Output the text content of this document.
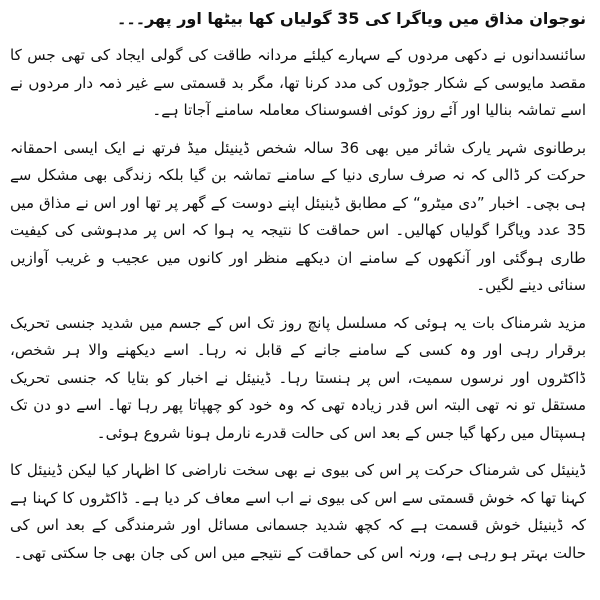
نوجوان مذاق میں ویاگرا کی 35 گولیاں کھا بیٹھا اور پھر۔۔۔

سائنسدانوں نے دکھی مردوں کے سہارے کیلئے مردانہ طاقت کی گولی ایجاد کی تھی جس کا مقصد مایوسی کے شکار جوڑوں کی مدد کرنا تھا، مگر بد قسمتی سے غیر ذمہ دار مردوں نے اسے تماشہ بنالیا اور آئے روز کوئی افسوسناک معاملہ سامنے آجاتا ہے۔

برطانوی شہر یارک شائر میں بھی 36 سالہ شخص ڈینیئل میڈ فرتھ نے ایک ایسی احمقانہ حرکت کر ڈالی کہ نہ صرف ساری دنیا کے سامنے تماشہ بن گیا بلکہ زندگی بھی مشکل سے ہی بچی۔ اخبار ”دی میٹرو“ کے مطابق ڈینیئل اپنے دوست کے گھر پر تھا اور اس نے مذاق میں 35 عدد ویاگرا گولیاں کھالیں۔ اس حماقت کا نتیجہ یہ ہوا کہ اس پر مدہوشی کی کیفیت طاری ہوگئی اور آنکھوں کے سامنے ان دیکھے منظر اور کانوں میں عجیب و غریب آوازیں سنائی دینے لگیں۔

مزید شرمناک بات یہ ہوئی کہ مسلسل پانچ روز تک اس کے جسم میں شدید جنسی تحریک برقرار رہی اور وہ کسی کے سامنے جانے کے قابل نہ رہا۔ اسے دیکھنے والا ہر شخص، ڈاکٹروں اور نرسوں سمیت، اس پر ہنستا رہا۔ ڈینیئل نے اخبار کو بتایا کہ جنسی تحریک مستقل تو نہ تھی البتہ اس قدر زیادہ تھی کہ وہ خود کو چھپاتا پھر رہا تھا۔ اسے دو دن تک ہسپتال میں رکھا گیا جس کے بعد اس کی حالت قدرے نارمل ہونا شروع ہوئی۔

ڈینیئل کی شرمناک حرکت پر اس کی بیوی نے بھی سخت ناراضی کا اظہار کیا لیکن ڈینیئل کا کہنا تھا کہ خوش قسمتی سے اس کی بیوی نے اب اسے معاف کر دیا ہے۔ ڈاکٹروں کا کہنا ہے کہ ڈینیئل خوش قسمت ہے کہ کچھ شدید جسمانی مسائل اور شرمندگی کے بعد اس کی حالت بہتر ہو رہی ہے، ورنہ اس کی حماقت کے نتیجے میں اس کی جان بھی جا سکتی تھی۔
